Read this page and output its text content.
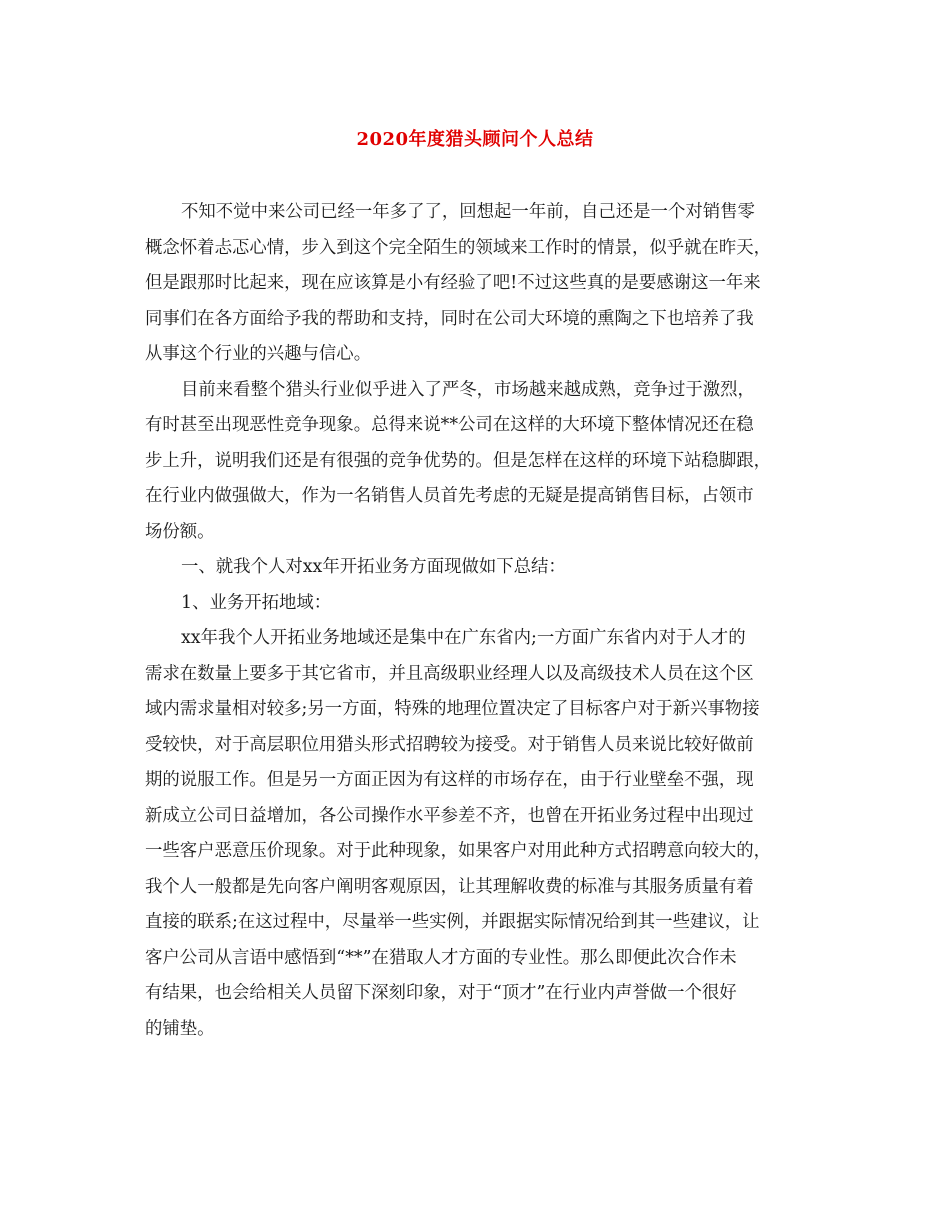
2020年度猎头顾问个人总结
不知不觉中来公司已经一年多了了，回想起一年前，自己还是一个对销售零
概念怀着忐忑心情，步入到这个完全陌生的领域来工作时的情景，似乎就在昨天，
但是跟那时比起来，现在应该算是小有经验了吧!不过这些真的是要感谢这一年来
同事们在各方面给予我的帮助和支持，同时在公司大环境的熏陶之下也培养了我
从事这个行业的兴趣与信心。
目前来看整个猎头行业似乎进入了严冬，市场越来越成熟，竞争过于激烈，
有时甚至出现恶性竞争现象。总得来说**公司在这样的大环境下整体情况还在稳
步上升，说明我们还是有很强的竞争优势的。但是怎样在这样的环境下站稳脚跟，
在行业内做强做大，作为一名销售人员首先考虑的无疑是提高销售目标，占领市
场份额。
一、就我个人对xx年开拓业务方面现做如下总结：
1、业务开拓地域：
xx年我个人开拓业务地域还是集中在广东省内;一方面广东省内对于人才的
需求在数量上要多于其它省市，并且高级职业经理人以及高级技术人员在这个区
域内需求量相对较多;另一方面，特殊的地理位置决定了目标客户对于新兴事物接
受较快，对于高层职位用猎头形式招聘较为接受。对于销售人员来说比较好做前
期的说服工作。但是另一方面正因为有这样的市场存在，由于行业壁垒不强，现
新成立公司日益增加，各公司操作水平参差不齐，也曾在开拓业务过程中出现过
一些客户恶意压价现象。对于此种现象，如果客户对用此种方式招聘意向较大的，
我个人一般都是先向客户阐明客观原因，让其理解收费的标准与其服务质量有着
直接的联系;在这过程中，尽量举一些实例，并跟据实际情况给到其一些建议，让
客户公司从言语中感悟到“**”在猎取人才方面的专业性。那么即便此次合作未
有结果，也会给相关人员留下深刻印象，对于“顶才”在行业内声誉做一个很好
的铺垫。
